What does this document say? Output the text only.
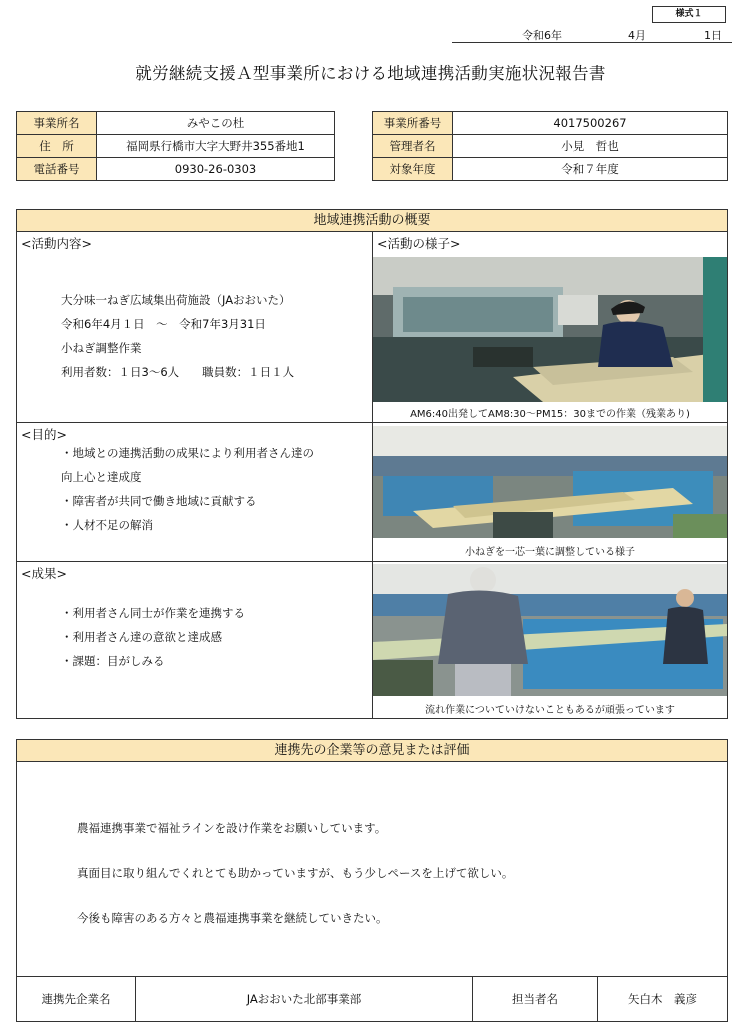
様式１
令和6年	4月	1日
就労継続支援Ａ型事業所における地域連携活動実施状況報告書
事業所名	みやこの杜
住　所	福岡県行橋市大字大野井355番地1
電話番号	0930-26-0303
事業所番号	4017500267
管理者名	小見　哲也
対象年度	令和７年度
地域連携活動の概要
<活動内容>
大分味一ねぎ広域集出荷施設（JAおおいた）
令和6年4月１日　～　令和7年3月31日
小ねぎ調整作業
利用者数：１日3～6人　　職員数：１日１人
<目的>
・地域との連携活動の成果により利用者さん達の
向上心と達成度
・障害者が共同で働き地域に貢献する
・人材不足の解消
<成果>
・利用者さん同士が作業を連携する
・利用者さん達の意欲と達成感
・課題：目がしみる
<活動の様子>
AM6:40出発してAM8:30～PM15：30までの作業（残業あり)
小ねぎを一芯一葉に調整している様子
流れ作業についていけないこともあるが頑張っています
連携先の企業等の意見または評価
農福連携事業で福祉ラインを設け作業をお願いしています。
真面目に取り組んでくれとても助かっていますが、もう少しペースを上げて欲しい。
今後も障害のある方々と農福連携事業を継続していきたい。
連携先企業名	JAおおいた北部事業部	担当者名	矢白木　義彦
